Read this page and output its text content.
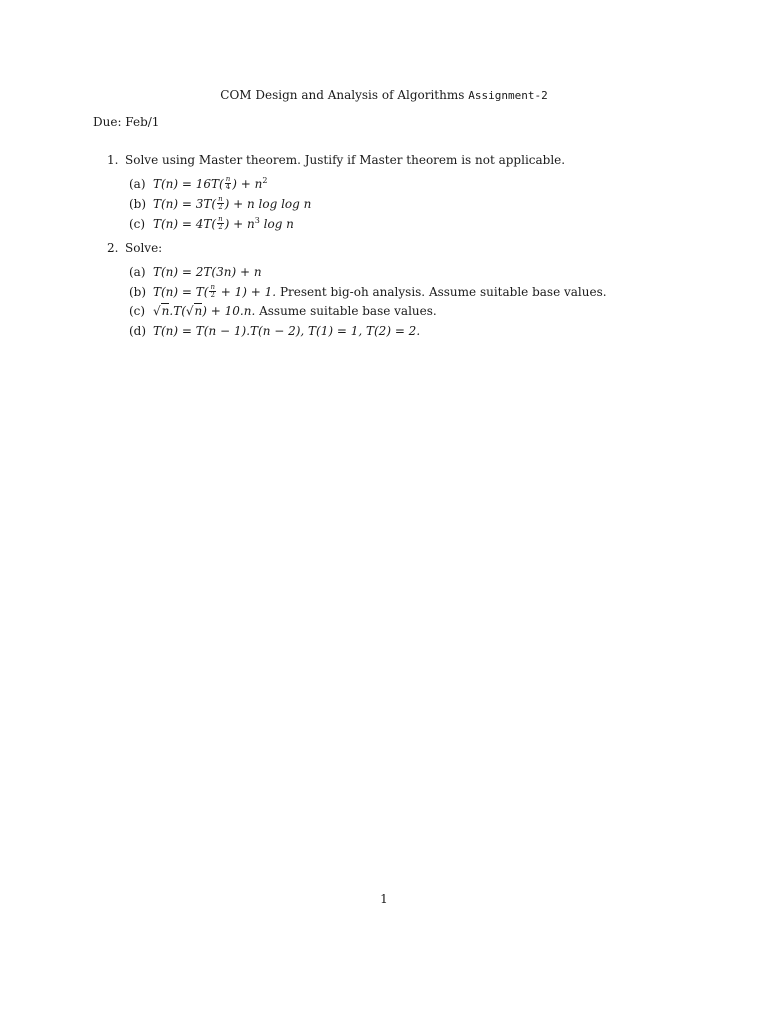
COM Design and Analysis of Algorithms Assignment-2
Due: Feb/1
1. Solve using Master theorem. Justify if Master theorem is not applicable.
(a) $T(n) = 16T( \frac{n}{4}$ ) + $n^2$
(b) $T(n) = 3T( \frac{n}{2}$ ) + n log log n
(c) $T(n) = 4T( \frac{n}{2}$ ) + $n^3$ log n
2. Solve:
(a) T(n) = 2T(3n) + n
(b) $T(n) = T( \frac{n}{2} + 1) + 1$. Present big-oh analysis. Assume suitable base values.
(c) √n.T(√n) + 10.n. Assume suitable base values.
(d) T(n) = T(n − 1).T(n − 2), T(1) = 1, T(2) = 2.
1
